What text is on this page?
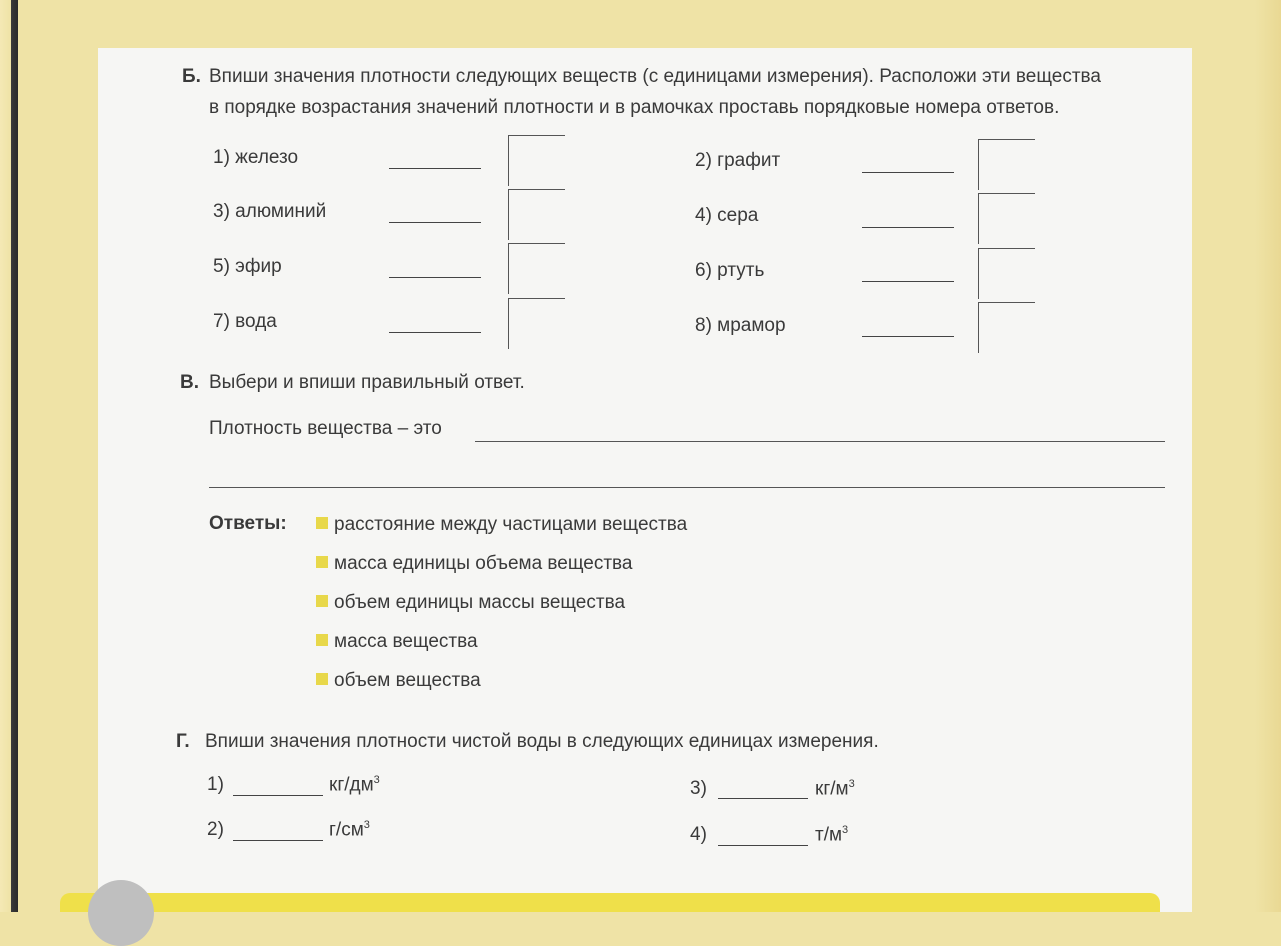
Б. Впиши значения плотности следующих веществ (с единицами измерения). Расположи эти вещества
в порядке возрастания значений плотности и в рамочках проставь порядковые номера ответов.
1) железо
3) алюминий
5) эфир
7) вода
2) графит
4) сера
6) ртуть
8) мрамор
В. Выбери и впиши правильный ответ.
Плотность вещества – это
Ответы:	расстояние между частицами вещества
масса единицы объема вещества
объем единицы массы вещества
масса вещества
объем вещества
Г. Впиши значения плотности чистой воды в следующих единицах измерения.
1)	$кг/дм^3$	3)	$кг/м^3$
2)	$г/см^3$	4)	$т/м^3$
